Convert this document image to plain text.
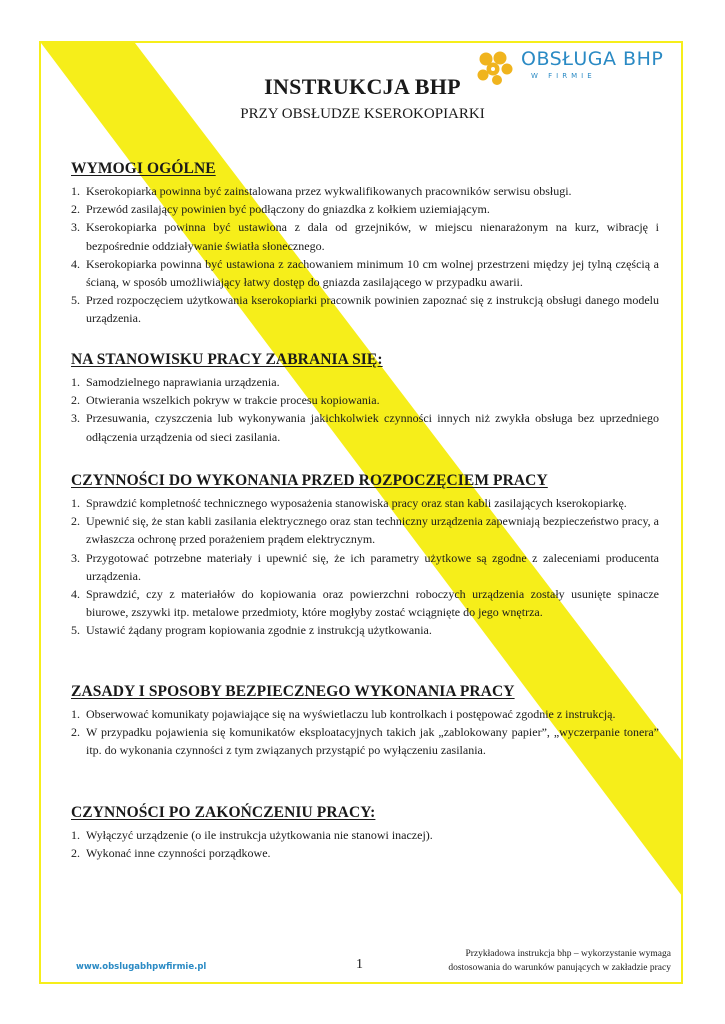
OBSŁUGA BHP
W FIRMIE
INSTRUKCJA BHP
PRZY OBSŁUDZE KSEROKOPIARKI
WYMOGI OGÓLNE
1. Kserokopiarka powinna być zainstalowana przez wykwalifikowanych pracowników serwisu obsługi.
2. Przewód zasilający powinien być podłączony do gniazdka z kołkiem uziemiającym.
3. Kserokopiarka powinna być ustawiona z dala od grzejników, w miejscu nienarażonym na kurz, wibrację i bezpośrednie oddziaływanie światła słonecznego.
4. Kserokopiarka powinna być ustawiona z zachowaniem minimum 10 cm wolnej przestrzeni między jej tylną częścią a ścianą, w sposób umożliwiający łatwy dostęp do gniazda zasilającego w przypadku awarii.
5. Przed rozpoczęciem użytkowania kserokopiarki pracownik powinien zapoznać się z instrukcją obsługi danego modelu urządzenia.
NA STANOWISKU PRACY ZABRANIA SIĘ:
1. Samodzielnego naprawiania urządzenia.
2. Otwierania wszelkich pokryw w trakcie procesu kopiowania.
3. Przesuwania, czyszczenia lub wykonywania jakichkolwiek czynności innych niż zwykła obsługa bez uprzedniego odłączenia urządzenia od sieci zasilania.
CZYNNOŚCI DO WYKONANIA PRZED ROZPOCZĘCIEM PRACY
1. Sprawdzić kompletność technicznego wyposażenia stanowiska pracy oraz stan kabli zasilających kserokopiarkę.
2. Upewnić się, że stan kabli zasilania elektrycznego oraz stan techniczny urządzenia zapewniają bezpieczeństwo pracy, a zwłaszcza ochronę przed porażeniem prądem elektrycznym.
3. Przygotować potrzebne materiały i upewnić się, że ich parametry użytkowe są zgodne z zaleceniami producenta urządzenia.
4. Sprawdzić, czy z materiałów do kopiowania oraz powierzchni roboczych urządzenia zostały usunięte spinacze biurowe, zszywki itp. metalowe przedmioty, które mogłyby zostać wciągnięte do jego wnętrza.
5. Ustawić żądany program kopiowania zgodnie z instrukcją użytkowania.
ZASADY I SPOSOBY BEZPIECZNEGO WYKONANIA PRACY
1. Obserwować komunikaty pojawiające się na wyświetlaczu lub kontrolkach i postępować zgodnie z instrukcją.
2. W przypadku pojawienia się komunikatów eksploatacyjnych takich jak „zablokowany papier”, „wyczerpanie tonera” itp. do wykonania czynności z tym związanych przystąpić po wyłączeniu zasilania.
CZYNNOŚCI PO ZAKOŃCZENIU PRACY:
1. Wyłączyć urządzenie (o ile instrukcja użytkowania nie stanowi inaczej).
2. Wykonać inne czynności porządkowe.
www.obslugabhpwfirmie.pl	1
Przykładowa instrukcja bhp – wykorzystanie wymaga
dostosowania do warunków panujących w zakładzie pracy
